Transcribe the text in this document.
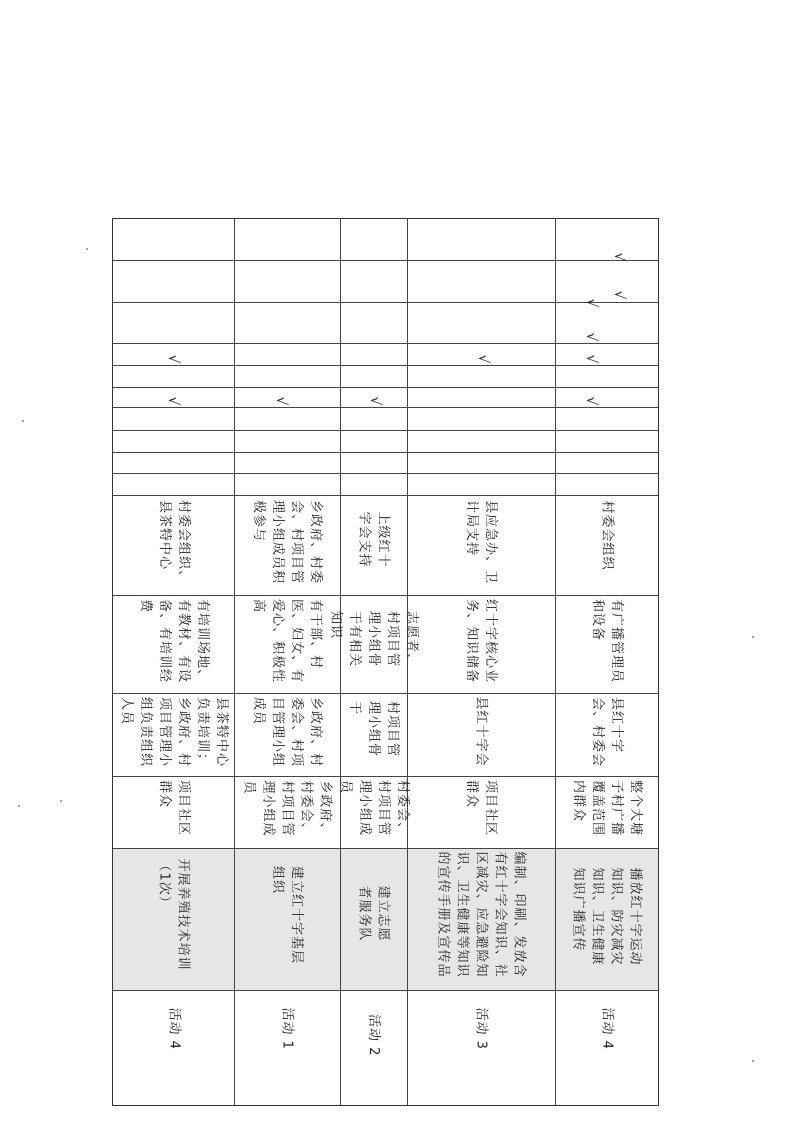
活动 4
开展养殖技术培训（1次）
项目社区群众
县茶特中心负责培训；乡政府、村项目管理小组负责组织人员
有培训场地、有教材、有设备、有培训经费
村委会组织、县茶特中心
活动 1
建立红十字基层组织
乡政府、村委会、村项目管理小组成员
乡政府、村委会、村项目管理小组成员
有干部、村医、妇女、有爱心、积极性高
乡政府、村委会、村项目管理小组成员积极参与
活动 2
建立志愿者服务队
村委会、村项目管理小组成员
村项目管理小组骨干
志愿者、村项目管理小组骨干有相关知识
上级红十字会支持
活动 3
编制、印刷、发放含有红十字会知识、社区减灾、应急避险知识、卫生健康等知识的宣传手册及宣传品
项目社区群众
县红十字会
红十字核心业务、知识储备
县应急办、卫计局支持
活动 4
播放红十字运动知识、防灾减灾知识、卫生健康知识广播宣传
整个大塘子村广播覆盖范围内群众
县红十字会、村委会
有广播管理员和设备
村委会组织
√
√
√	√
√
√
√
√
√
√
√
